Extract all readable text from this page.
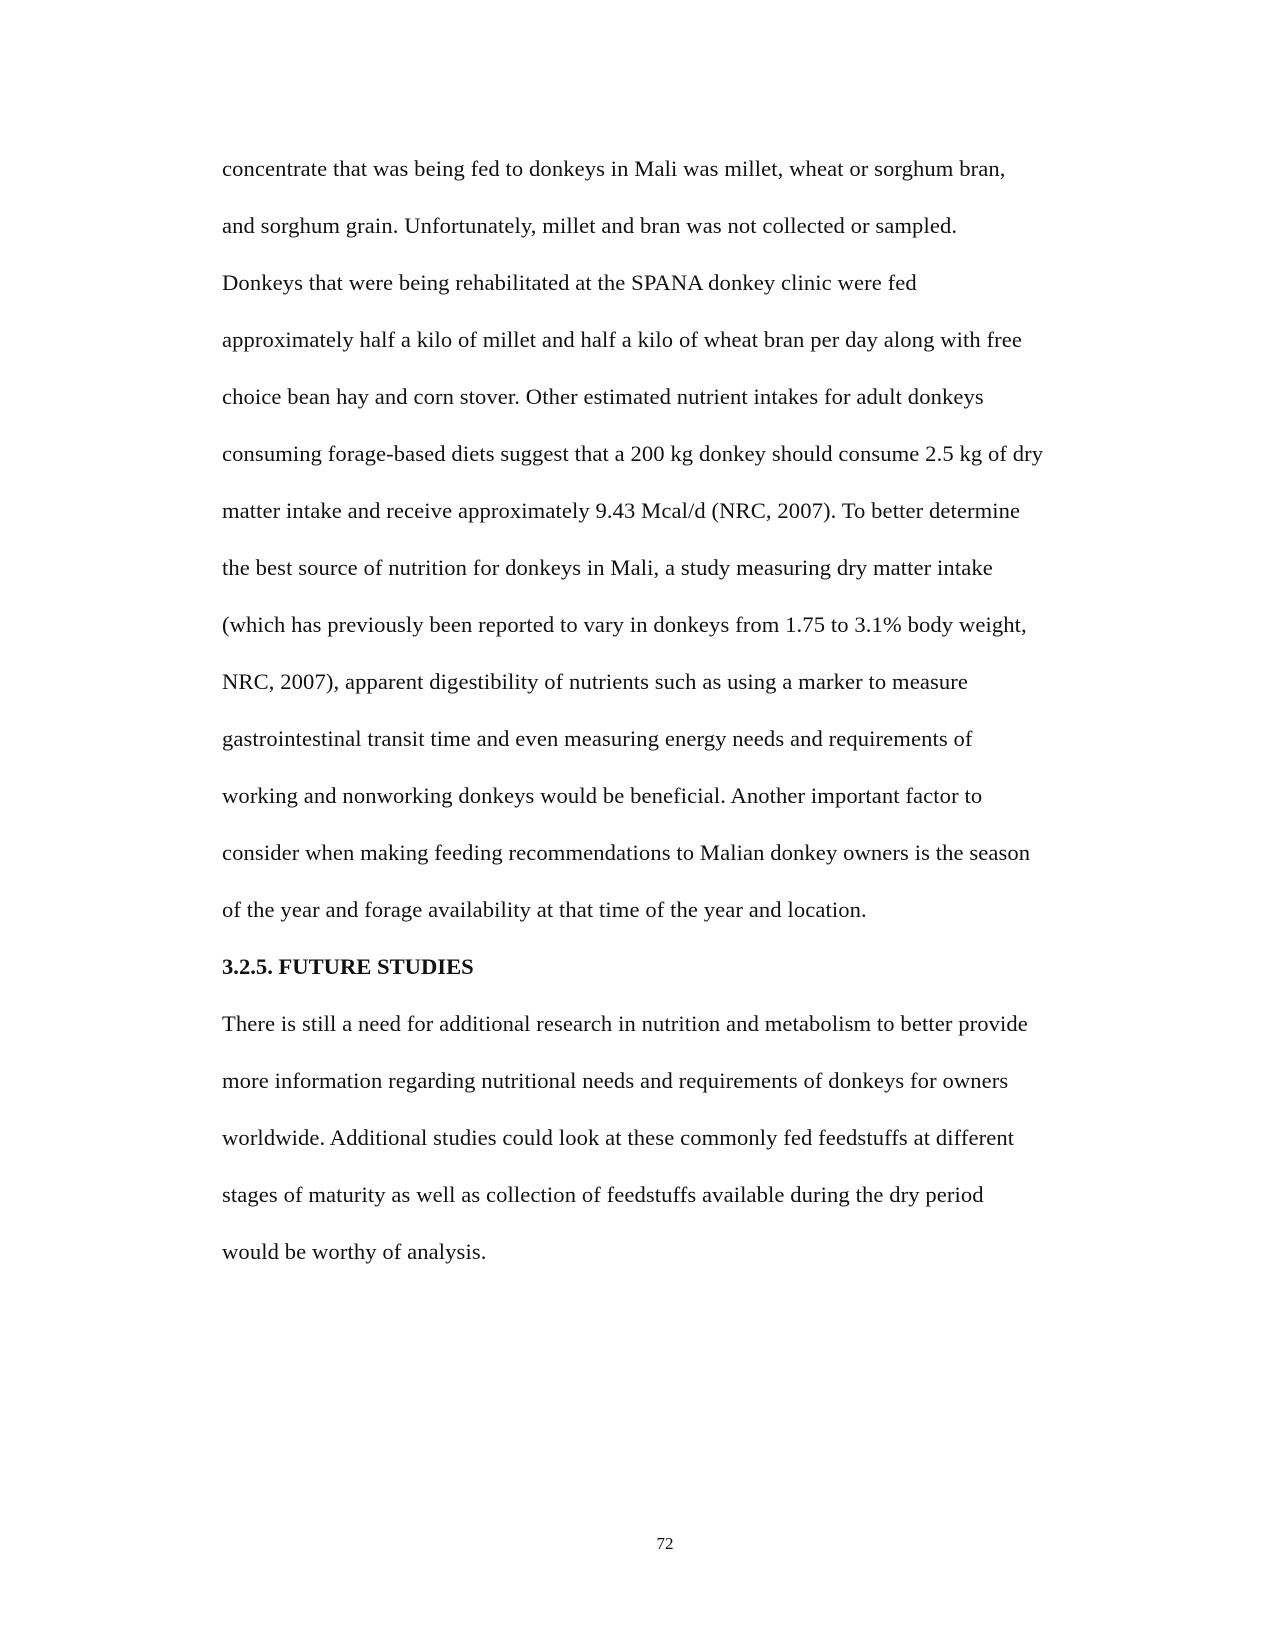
concentrate that was being fed to donkeys in Mali was millet, wheat or sorghum bran,
and sorghum grain. Unfortunately, millet and bran was not collected or sampled.
Donkeys that were being rehabilitated at the SPANA donkey clinic were fed
approximately half a kilo of millet and half a kilo of wheat bran per day along with free
choice bean hay and corn stover. Other estimated nutrient intakes for adult donkeys
consuming forage-based diets suggest that a 200 kg donkey should consume 2.5 kg of dry
matter intake and receive approximately 9.43 Mcal/d (NRC, 2007). To better determine
the best source of nutrition for donkeys in Mali, a study measuring dry matter intake
(which has previously been reported to vary in donkeys from 1.75 to 3.1% body weight,
NRC, 2007), apparent digestibility of nutrients such as using a marker to measure
gastrointestinal transit time and even measuring energy needs and requirements of
working and nonworking donkeys would be beneficial. Another important factor to
consider when making feeding recommendations to Malian donkey owners is the season
of the year and forage availability at that time of the year and location.
3.2.5. FUTURE STUDIES
There is still a need for additional research in nutrition and metabolism to better provide
more information regarding nutritional needs and requirements of donkeys for owners
worldwide. Additional studies could look at these commonly fed feedstuffs at different
stages of maturity as well as collection of feedstuffs available during the dry period
would be worthy of analysis.
72
